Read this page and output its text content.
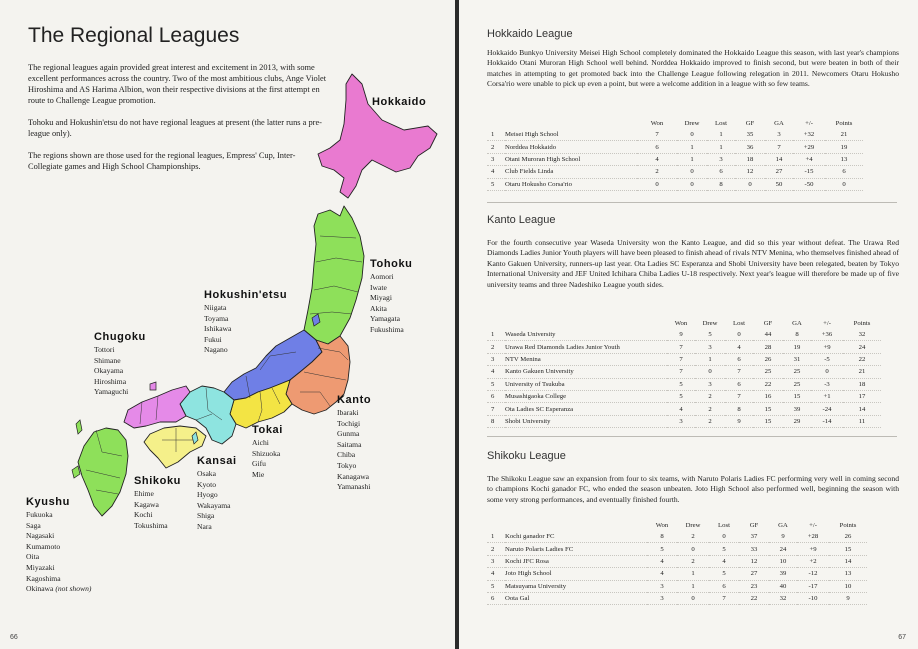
The Regional Leagues

The regional leagues again provided great interest and excitement in 2013, with some excellent performances across the country. Two of the most ambitious clubs, Ange Violet Hiroshima and AS Harima Albion, won their respective divisions at the first attempt en route to Challenge League promotion.

Tohoku and Hokushin'etsu do not have regional leagues at present (the latter runs a pre-league only).

The regions shown are those used for the regional leagues, Empress' Cup, Inter-Collegiate games and High School Championships.

Hokkaido
Tohoku
Aomori
Iwate
Miyagi
Akita
Yamagata
Fukushima
Hokushin'etsu
Niigata
Toyama
Ishikawa
Fukui
Nagano
Chugoku
Tottori
Shimane
Okayama
Hiroshima
Yamaguchi
Kanto
Ibaraki
Tochigi
Gunma
Saitama
Chiba
Tokyo
Kanagawa
Yamanashi
Tokai
Aichi
Shizuoka
Gifu
Mie
Kansai
Osaka
Kyoto
Hyogo
Wakayama
Shiga
Nara
Shikoku
Ehime
Kagawa
Kochi
Tokushima
Kyushu
Fukuoka
Saga
Nagasaki
Kumamoto
Oita
Miyazaki
Kagoshima
Okinawa (not shown)
66
Hokkaido League
Hokkaido Bunkyo University Meisei High School completely dominated the Hokkaido League this season, with last year's champions Hokkaido Otani Muroran High School well behind. Norddea Hokkaido improved to finish second, but were beaten in both of their matches in attempting to get promoted back into the Challenge League following relegation in 2011. Newcomers Otaru Hokusho Corsa'rio were unable to pick up even a point, but were a welcome addition in a league with so few teams.
		Won	Drew	Lost	GF	GA	+/-	Points
1	Meisei High School	7	0	1	35	3	+32	21
2	Norddea Hokkaido	6	1	1	36	7	+29	19
3	Otani Muroran High School	4	1	3	18	14	+4	13
4	Club Fields Linda	2	0	6	12	27	-15	6
5	Otaru Hokusho Corsa'rio	0	0	8	0	50	-50	0
Kanto League
For the fourth consecutive year Waseda University won the Kanto League, and did so this year without defeat. The Urawa Red Diamonds Ladies Junior Youth players will have been pleased to finish ahead of rivals NTV Menina, who themselves finished ahead of Kanto Gakuen University, runners-up last year. Ota Ladies SC Esperanza and Shobi University have been relegated, beaten by Tokyo International University and JEF United Ichihara Chiba Ladies U-18 respectively. Next year's league will therefore be made up of five university teams and three Nadeshiko League youth sides.
		Won	Drew	Lost	GF	GA	+/-	Points
1	Waseda University	9	5	0	44	8	+36	32
2	Urawa Red Diamonds Ladies Junior Youth	7	3	4	28	19	+9	24
3	NTV Menina	7	1	6	26	31	-5	22
4	Kanto Gakuen University	7	0	7	25	25	0	21
5	University of Tsukuba	5	3	6	22	25	-3	18
6	Musashigaoka College	5	2	7	16	15	+1	17
7	Ota Ladies SC Esperanza	4	2	8	15	39	-24	14
8	Shobi University	3	2	9	15	29	-14	11
Shikoku League
The Shikoku League saw an expansion from four to six teams, with Naruto Polaris Ladies FC performing very well in coming second to champions Kochi ganador FC, who ended the season unbeaten. Joto High School also performed well, beginning the season with some very strong performances, and eventually finished fourth.
		Won	Drew	Lost	GF	GA	+/-	Points
1	Kochi ganador FC	8	2	0	37	9	+28	26
2	Naruto Polaris Ladies FC	5	0	5	33	24	+9	15
3	Kochi JFC Rosa	4	2	4	12	10	+2	14
4	Joto High School	4	1	5	27	39	-12	13
5	Matsuyama University	3	1	6	23	40	-17	10
6	Oota Gal	3	0	7	22	32	-10	9
67
